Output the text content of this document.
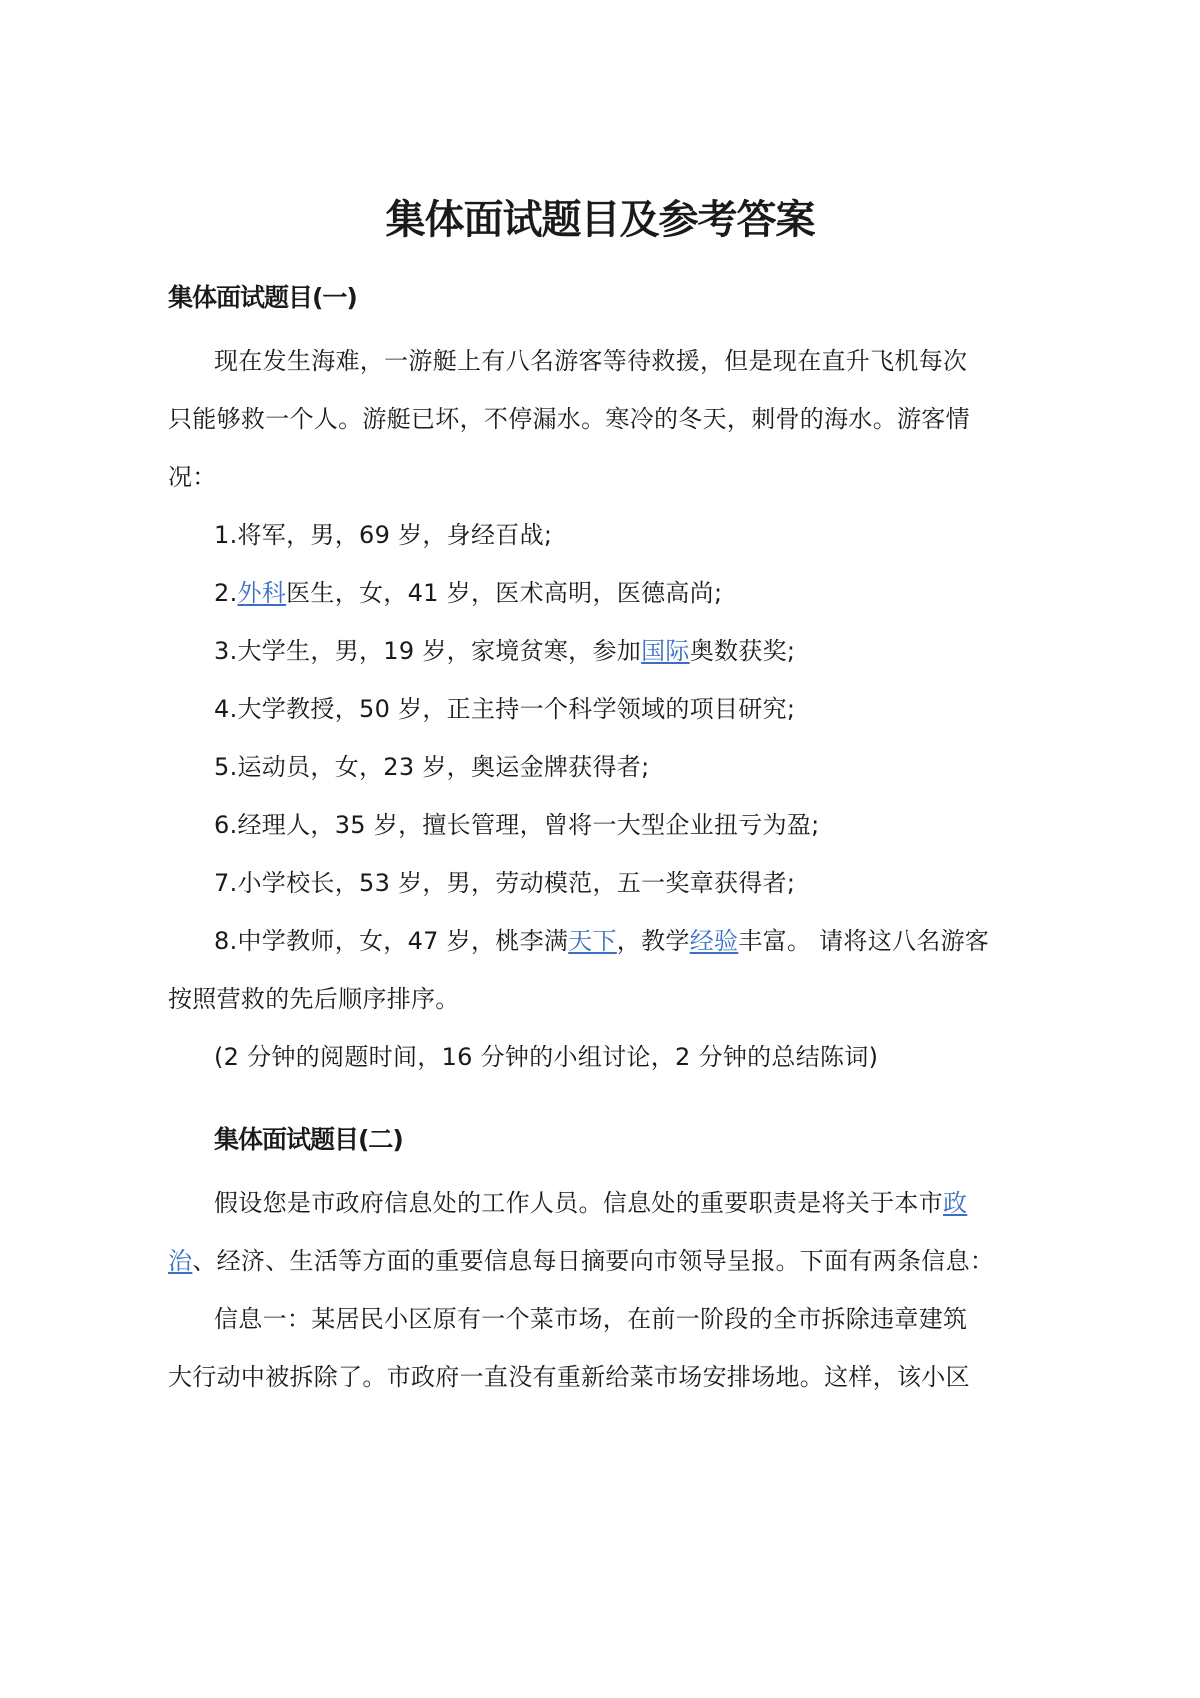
集体面试题目及参考答案
集体面试题目(一)
现在发生海难，一游艇上有八名游客等待救援，但是现在直升飞机每次
只能够救一个人。游艇已坏，不停漏水。寒冷的冬天，刺骨的海水。游客情
况：
1.将军，男，69 岁，身经百战;
2.外科医生，女，41 岁，医术高明，医德高尚;
3.大学生，男，19 岁，家境贫寒，参加国际奥数获奖;
4.大学教授，50 岁，正主持一个科学领域的项目研究;
5.运动员，女，23 岁，奥运金牌获得者;
6.经理人，35 岁，擅长管理，曾将一大型企业扭亏为盈;
7.小学校长，53 岁，男，劳动模范，五一奖章获得者;
8.中学教师，女，47 岁，桃李满天下，教学经验丰富。 请将这八名游客
按照营救的先后顺序排序。
(2 分钟的阅题时间，16 分钟的小组讨论，2 分钟的总结陈词)
集体面试题目(二)
假设您是市政府信息处的工作人员。信息处的重要职责是将关于本市政
治、经济、生活等方面的重要信息每日摘要向市领导呈报。下面有两条信息：
信息一：某居民小区原有一个菜市场，在前一阶段的全市拆除违章建筑
大行动中被拆除了。市政府一直没有重新给菜市场安排场地。这样，该小区
